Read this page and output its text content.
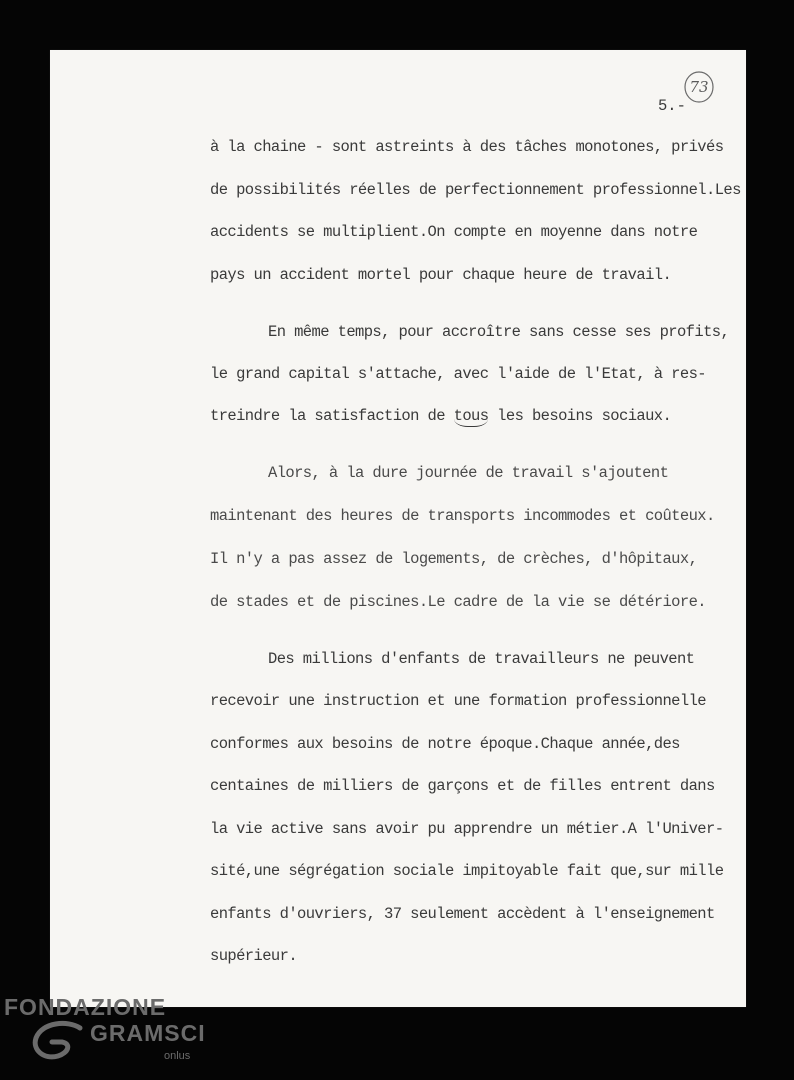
73

5.-

à la chaine - sont astreints à des tâches monotones, privés

de possibilités réelles de perfectionnement professionnel.Les

accidents se multiplient.On compte en moyenne dans notre

pays un accident mortel pour chaque heure de travail.

En même temps, pour accroître sans cesse ses profits,

le grand capital s'attache, avec l'aide de l'Etat, à res-

treindre la satisfaction de tous les besoins sociaux.

Alors, à la dure journée de travail s'ajoutent

maintenant des heures de transports incommodes et coûteux.

Il n'y a pas assez de logements, de crèches, d'hôpitaux,

de stades et de piscines.Le cadre de la vie se détériore.

Des millions d'enfants de travailleurs ne peuvent

recevoir une instruction et une formation professionnelle

conformes aux besoins de notre époque.Chaque année,des

centaines de milliers de garçons et de filles entrent dans

la vie active sans avoir pu apprendre un métier.A l'Univer-

sité,une ségrégation sociale impitoyable fait que,sur mille

enfants d'ouvriers, 37 seulement accèdent à l'enseignement

supérieur.

FONDAZIONE

GRAMSCI

onlus
